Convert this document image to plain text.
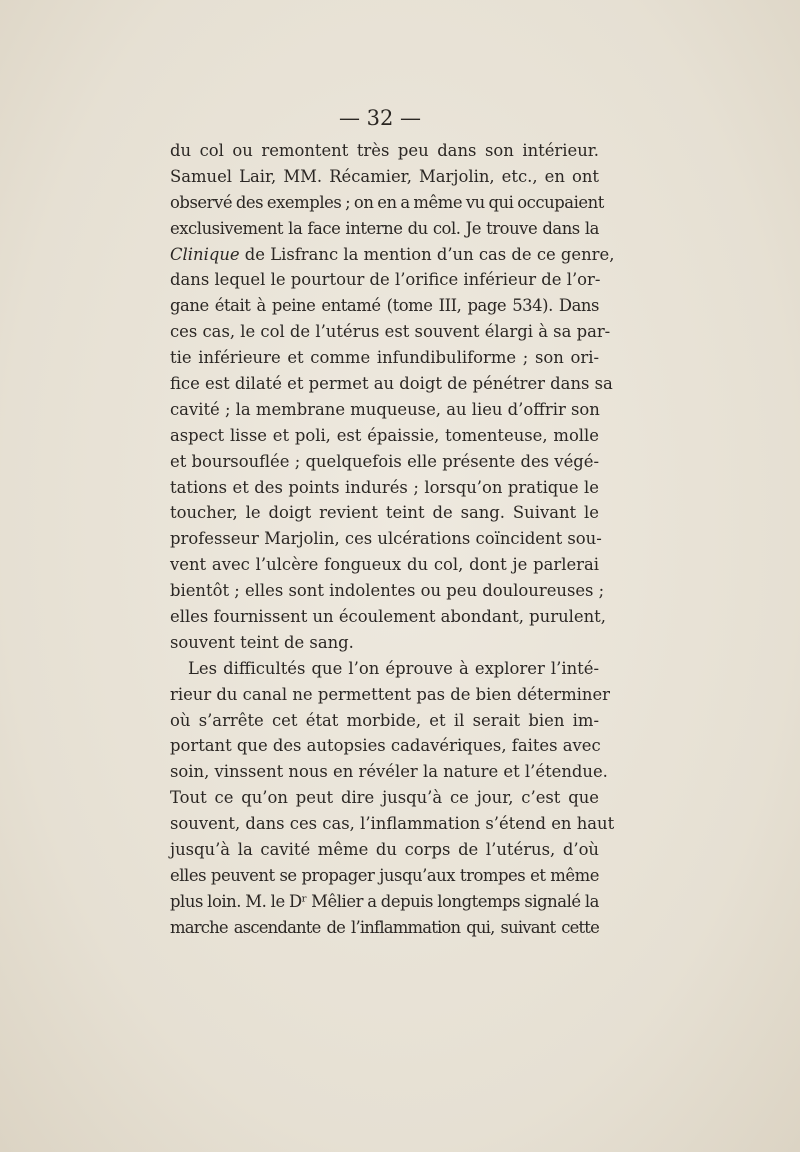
— 32 —
du col ou remontent très peu dans son intérieur.
Samuel Lair, MM. Récamier, Marjolin, etc., en ont
observé des exemples ; on en a même vu qui occupaient
exclusivement la face interne du col. Je trouve dans la
Clinique de Lisfranc la mention d’un cas de ce genre,
dans lequel le pourtour de l’orifice inférieur de l’or-
gane était à peine entamé (tome III, page 534). Dans
ces cas, le col de l’utérus est souvent élargi à sa par-
tie inférieure et comme infundibuliforme ; son ori-
fice est dilaté et permet au doigt de pénétrer dans sa
cavité ; la membrane muqueuse, au lieu d’offrir son
aspect lisse et poli, est épaissie, tomenteuse, molle
et boursouflée ; quelquefois elle présente des végé-
tations et des points indurés ; lorsqu’on pratique le
toucher, le doigt revient teint de sang. Suivant le
professeur Marjolin, ces ulcérations coïncident sou-
vent avec l’ulcère fongueux du col, dont je parlerai
bientôt ; elles sont indolentes ou peu douloureuses ;
elles fournissent un écoulement abondant, purulent,
souvent teint de sang.
Les difficultés que l’on éprouve à explorer l’inté-
rieur du canal ne permettent pas de bien déterminer
où s’arrête cet état morbide, et il serait bien im-
portant que des autopsies cadavériques, faites avec
soin, vinssent nous en révéler la nature et l’étendue.
Tout ce qu’on peut dire jusqu’à ce jour, c’est que
souvent, dans ces cas, l’inflammation s’étend en haut
jusqu’à la cavité même du corps de l’utérus, d’où
elles peuvent se propager jusqu’aux trompes et même
plus loin. M. le Dʳ Mêlier a depuis longtemps signalé la
marche ascendante de l’inflammation qui, suivant cette
